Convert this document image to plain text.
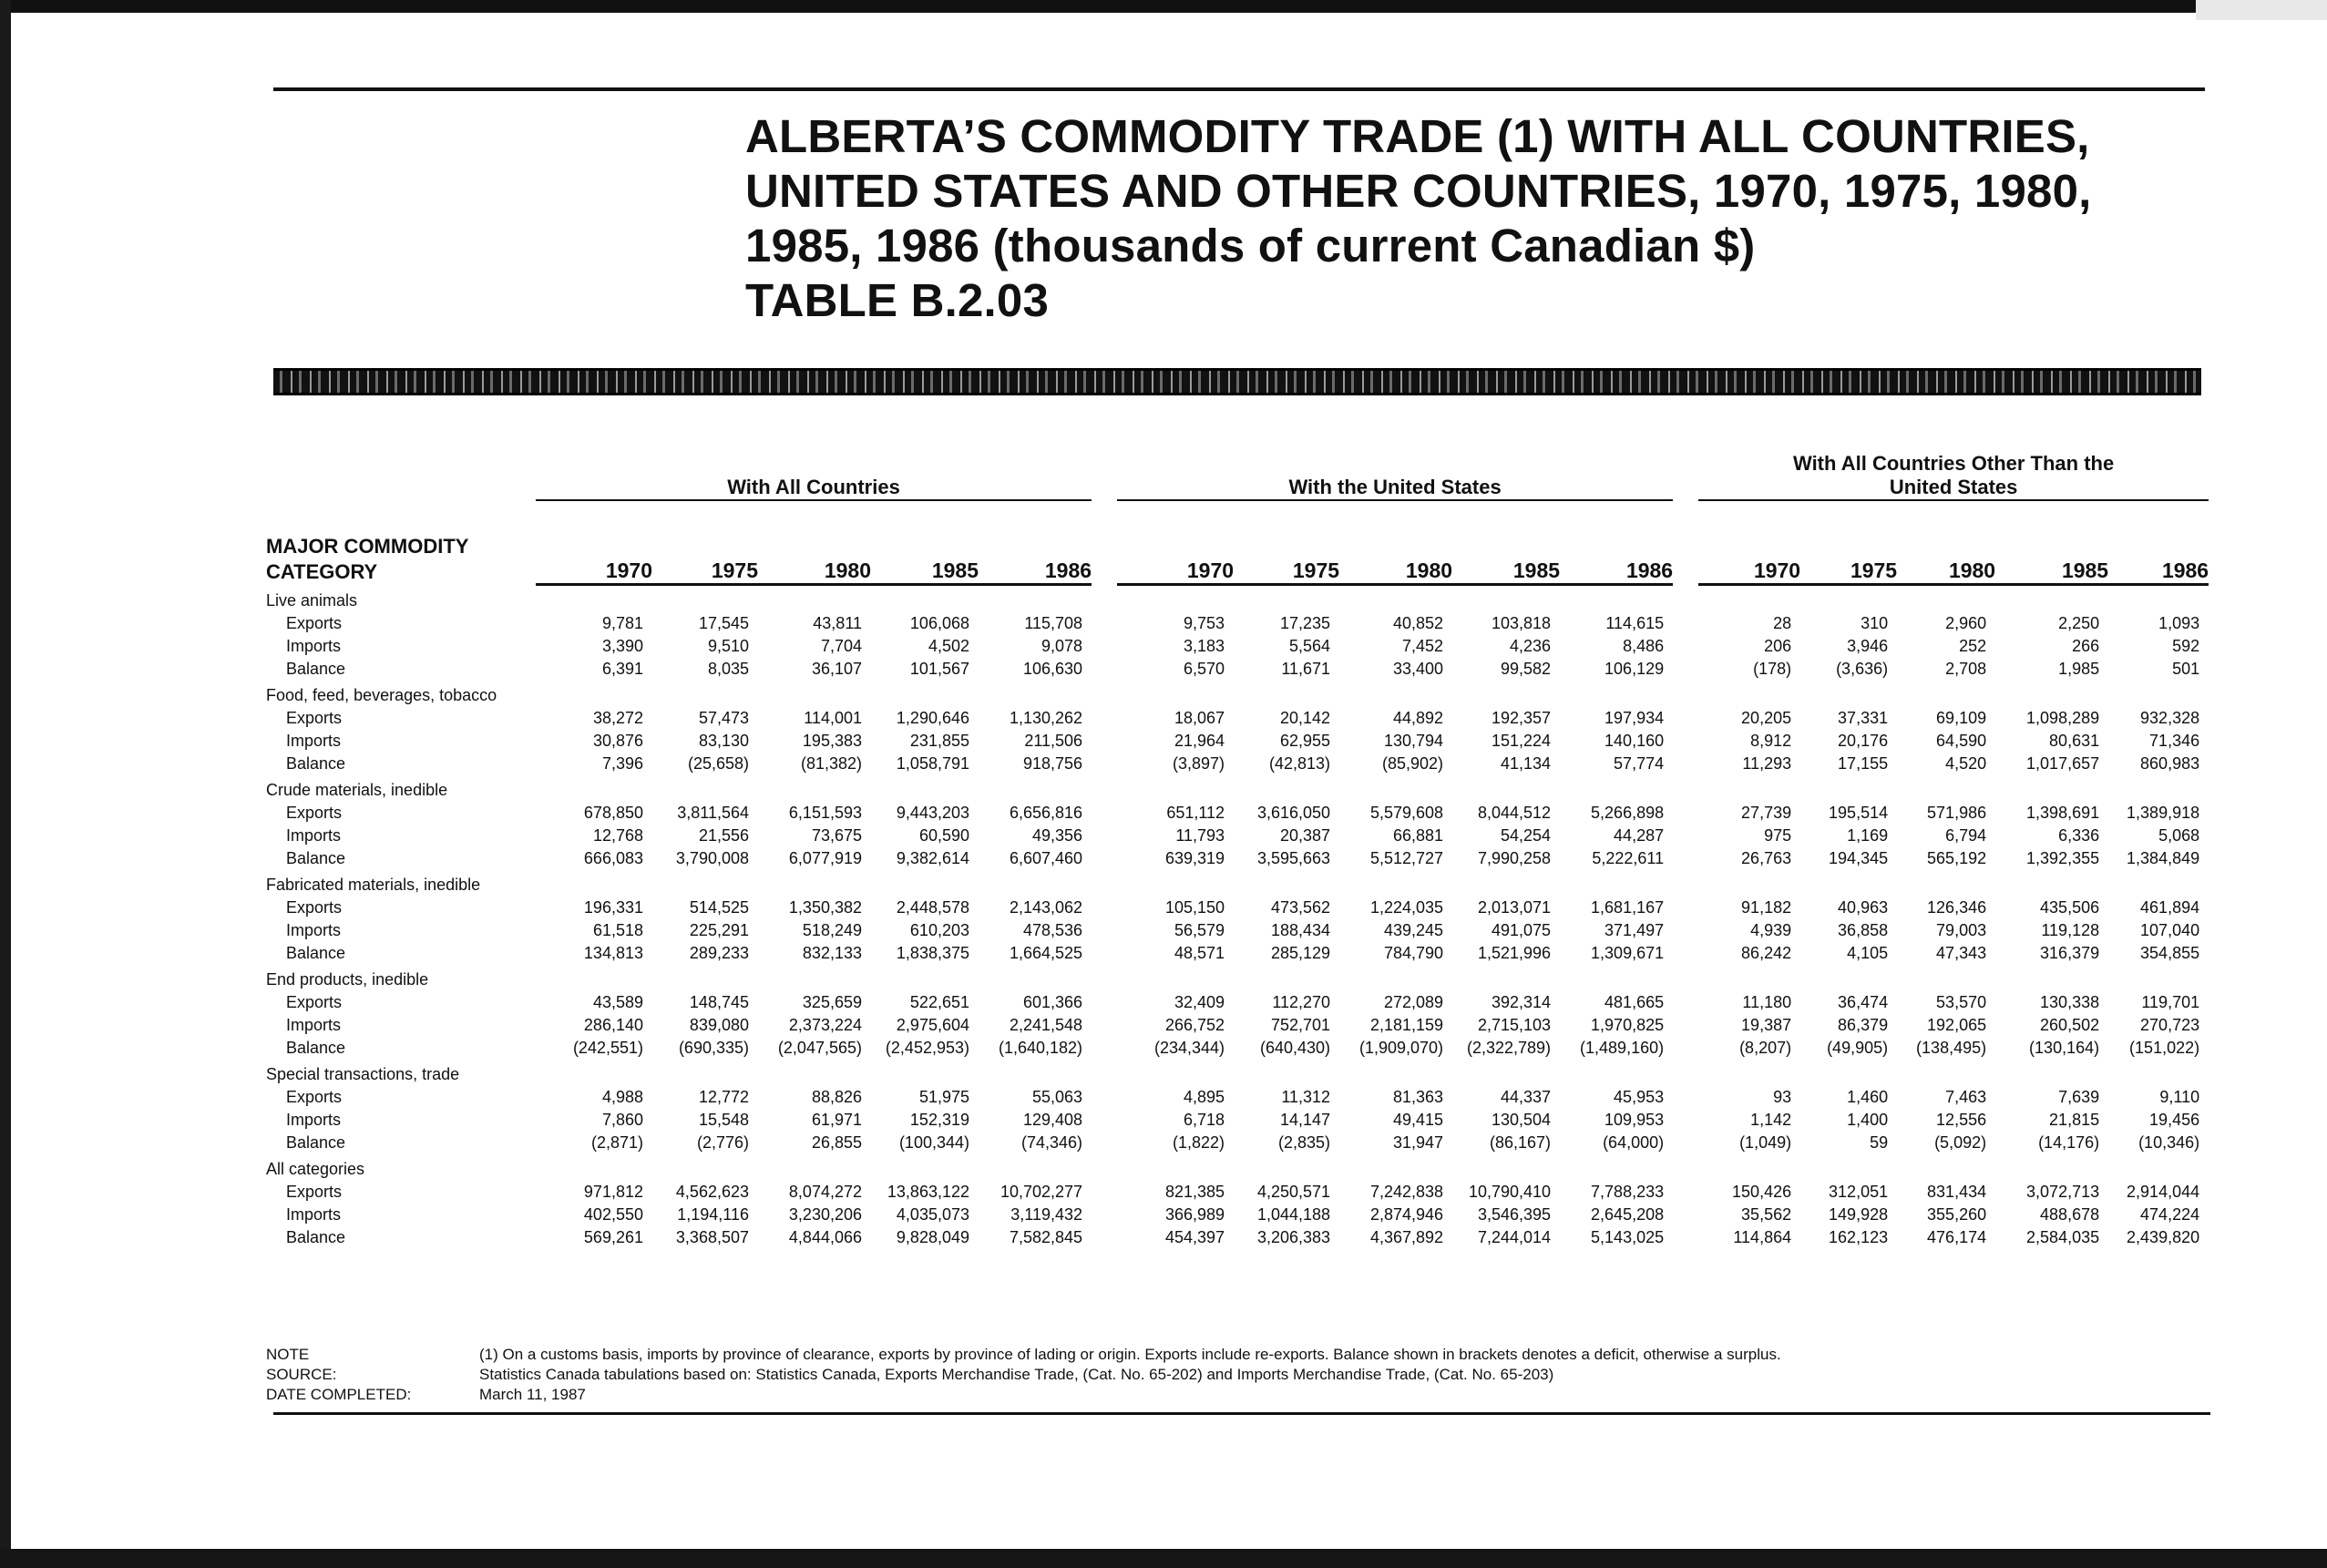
ALBERTA’S COMMODITY TRADE (1) WITH ALL COUNTRIES,
UNITED STATES AND OTHER COUNTRIES, 1970, 1975, 1980,
1985, 1986 (thousands of current Canadian $)
TABLE B.2.03
	With All Countries						With the United States						With All Countries Other Than the United States				

MAJOR COMMODITY CATEGORY	1970	1975	1980	1985	1986		1970	1975	1980	1985	1986		1970	1975	1980	1985	1986

Live animals																	
Exports	9,781	17,545	43,811	106,068	115,708		9,753	17,235	40,852	103,818	114,615		28	310	2,960	2,250	1,093
Imports	3,390	9,510	7,704	4,502	9,078		3,183	5,564	7,452	4,236	8,486		206	3,946	252	266	592
Balance	6,391	8,035	36,107	101,567	106,630		6,570	11,671	33,400	99,582	106,129		(178)	(3,636)	2,708	1,985	501
Food, feed, beverages, tobacco																	
Exports	38,272	57,473	114,001	1,290,646	1,130,262		18,067	20,142	44,892	192,357	197,934		20,205	37,331	69,109	1,098,289	932,328
Imports	30,876	83,130	195,383	231,855	211,506		21,964	62,955	130,794	151,224	140,160		8,912	20,176	64,590	80,631	71,346
Balance	7,396	(25,658)	(81,382)	1,058,791	918,756		(3,897)	(42,813)	(85,902)	41,134	57,774		11,293	17,155	4,520	1,017,657	860,983
Crude materials, inedible																	
Exports	678,850	3,811,564	6,151,593	9,443,203	6,656,816		651,112	3,616,050	5,579,608	8,044,512	5,266,898		27,739	195,514	571,986	1,398,691	1,389,918
Imports	12,768	21,556	73,675	60,590	49,356		11,793	20,387	66,881	54,254	44,287		975	1,169	6,794	6,336	5,068
Balance	666,083	3,790,008	6,077,919	9,382,614	6,607,460		639,319	3,595,663	5,512,727	7,990,258	5,222,611		26,763	194,345	565,192	1,392,355	1,384,849
Fabricated materials, inedible																	
Exports	196,331	514,525	1,350,382	2,448,578	2,143,062		105,150	473,562	1,224,035	2,013,071	1,681,167		91,182	40,963	126,346	435,506	461,894
Imports	61,518	225,291	518,249	610,203	478,536		56,579	188,434	439,245	491,075	371,497		4,939	36,858	79,003	119,128	107,040
Balance	134,813	289,233	832,133	1,838,375	1,664,525		48,571	285,129	784,790	1,521,996	1,309,671		86,242	4,105	47,343	316,379	354,855
End products, inedible																	
Exports	43,589	148,745	325,659	522,651	601,366		32,409	112,270	272,089	392,314	481,665		11,180	36,474	53,570	130,338	119,701
Imports	286,140	839,080	2,373,224	2,975,604	2,241,548		266,752	752,701	2,181,159	2,715,103	1,970,825		19,387	86,379	192,065	260,502	270,723
Balance	(242,551)	(690,335)	(2,047,565)	(2,452,953)	(1,640,182)		(234,344)	(640,430)	(1,909,070)	(2,322,789)	(1,489,160)		(8,207)	(49,905)	(138,495)	(130,164)	(151,022)
Special transactions, trade																	
Exports	4,988	12,772	88,826	51,975	55,063		4,895	11,312	81,363	44,337	45,953		93	1,460	7,463	7,639	9,110
Imports	7,860	15,548	61,971	152,319	129,408		6,718	14,147	49,415	130,504	109,953		1,142	1,400	12,556	21,815	19,456
Balance	(2,871)	(2,776)	26,855	(100,344)	(74,346)		(1,822)	(2,835)	31,947	(86,167)	(64,000)		(1,049)	59	(5,092)	(14,176)	(10,346)
All categories																	
Exports	971,812	4,562,623	8,074,272	13,863,122	10,702,277		821,385	4,250,571	7,242,838	10,790,410	7,788,233		150,426	312,051	831,434	3,072,713	2,914,044
Imports	402,550	1,194,116	3,230,206	4,035,073	3,119,432		366,989	1,044,188	2,874,946	3,546,395	2,645,208		35,562	149,928	355,260	488,678	474,224
Balance	569,261	3,368,507	4,844,066	9,828,049	7,582,845		454,397	3,206,383	4,367,892	7,244,014	5,143,025		114,864	162,123	476,174	2,584,035	2,439,820
NOTE	(1) On a customs basis, imports by province of clearance, exports by province of lading or origin. Exports include re-exports. Balance shown in brackets denotes a deficit, otherwise a surplus.
SOURCE:	Statistics Canada tabulations based on: Statistics Canada, Exports Merchandise Trade, (Cat. No. 65-202) and Imports Merchandise Trade, (Cat. No. 65-203)
DATE COMPLETED:	March 11, 1987
